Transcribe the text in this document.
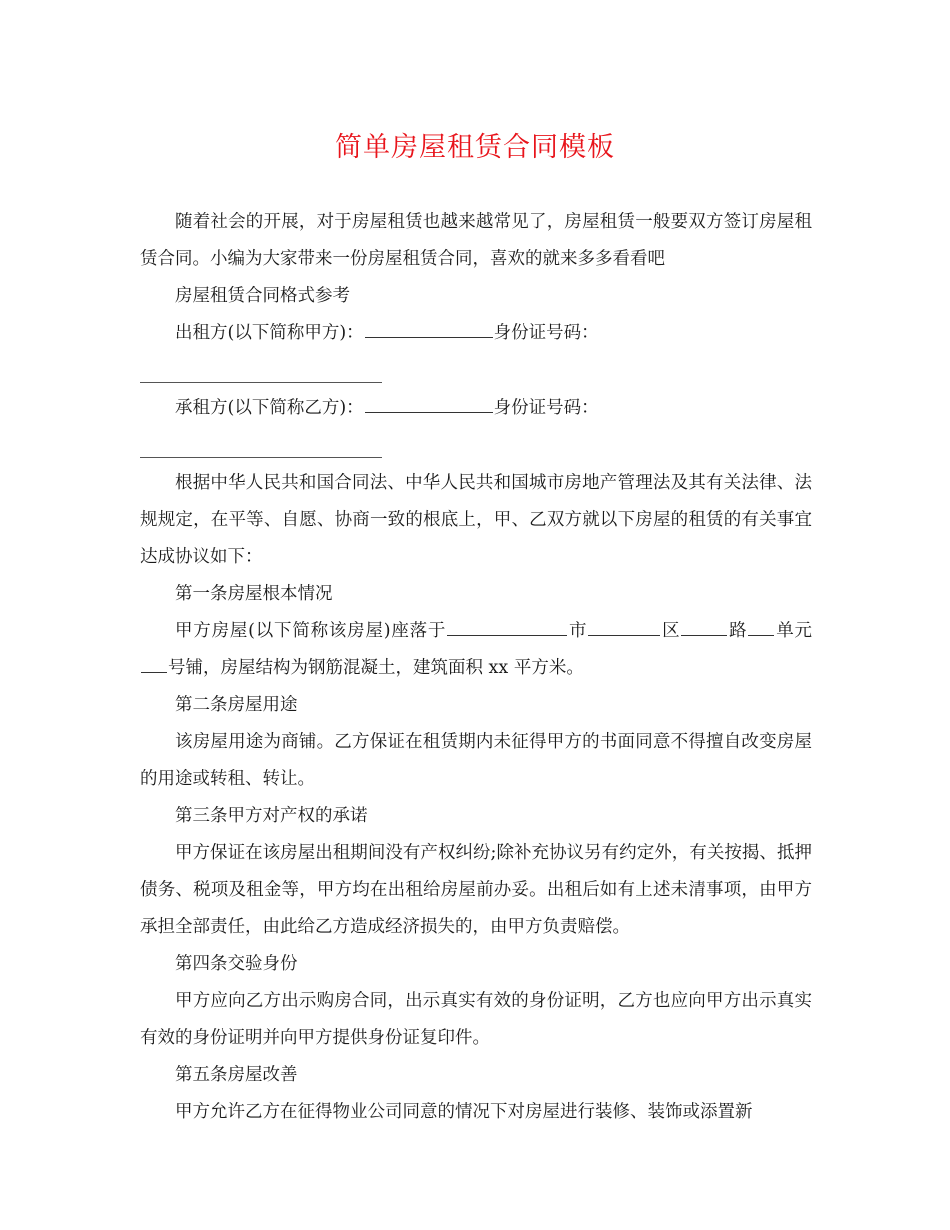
简单房屋租赁合同模板

随着社会的开展，对于房屋租赁也越来越常见了，房屋租赁一般要双方签订房屋租赁合同。小编为大家带来一份房屋租赁合同，喜欢的就来多多看看吧

房屋租赁合同格式参考

出租方(以下简称甲方)：	身份证号码：

承租方(以下简称乙方)：	身份证号码：

根据中华人民共和国合同法、中华人民共和国城市房地产管理法及其有关法律、法规规定，在平等、自愿、协商一致的根底上，甲、乙双方就以下房屋的租赁的有关事宜达成协议如下：

第一条房屋根本情况

甲方房屋(以下简称该房屋)座落于	市	区	路 单元号铺，房屋结构为钢筋混凝土，建筑面积 xx 平方米。

第二条房屋用途

该房屋用途为商铺。乙方保证在租赁期内未征得甲方的书面同意不得擅自改变房屋的用途或转租、转让。

第三条甲方对产权的承诺

甲方保证在该房屋出租期间没有产权纠纷;除补充协议另有约定外，有关按揭、抵押债务、税项及租金等，甲方均在出租给房屋前办妥。出租后如有上述未清事项，由甲方承担全部责任，由此给乙方造成经济损失的，由甲方负责赔偿。

第四条交验身份

甲方应向乙方出示购房合同，出示真实有效的身份证明，乙方也应向甲方出示真实有效的身份证明并向甲方提供身份证复印件。

第五条房屋改善

甲方允许乙方在征得物业公司同意的情况下对房屋进行装修、装饰或添置新
